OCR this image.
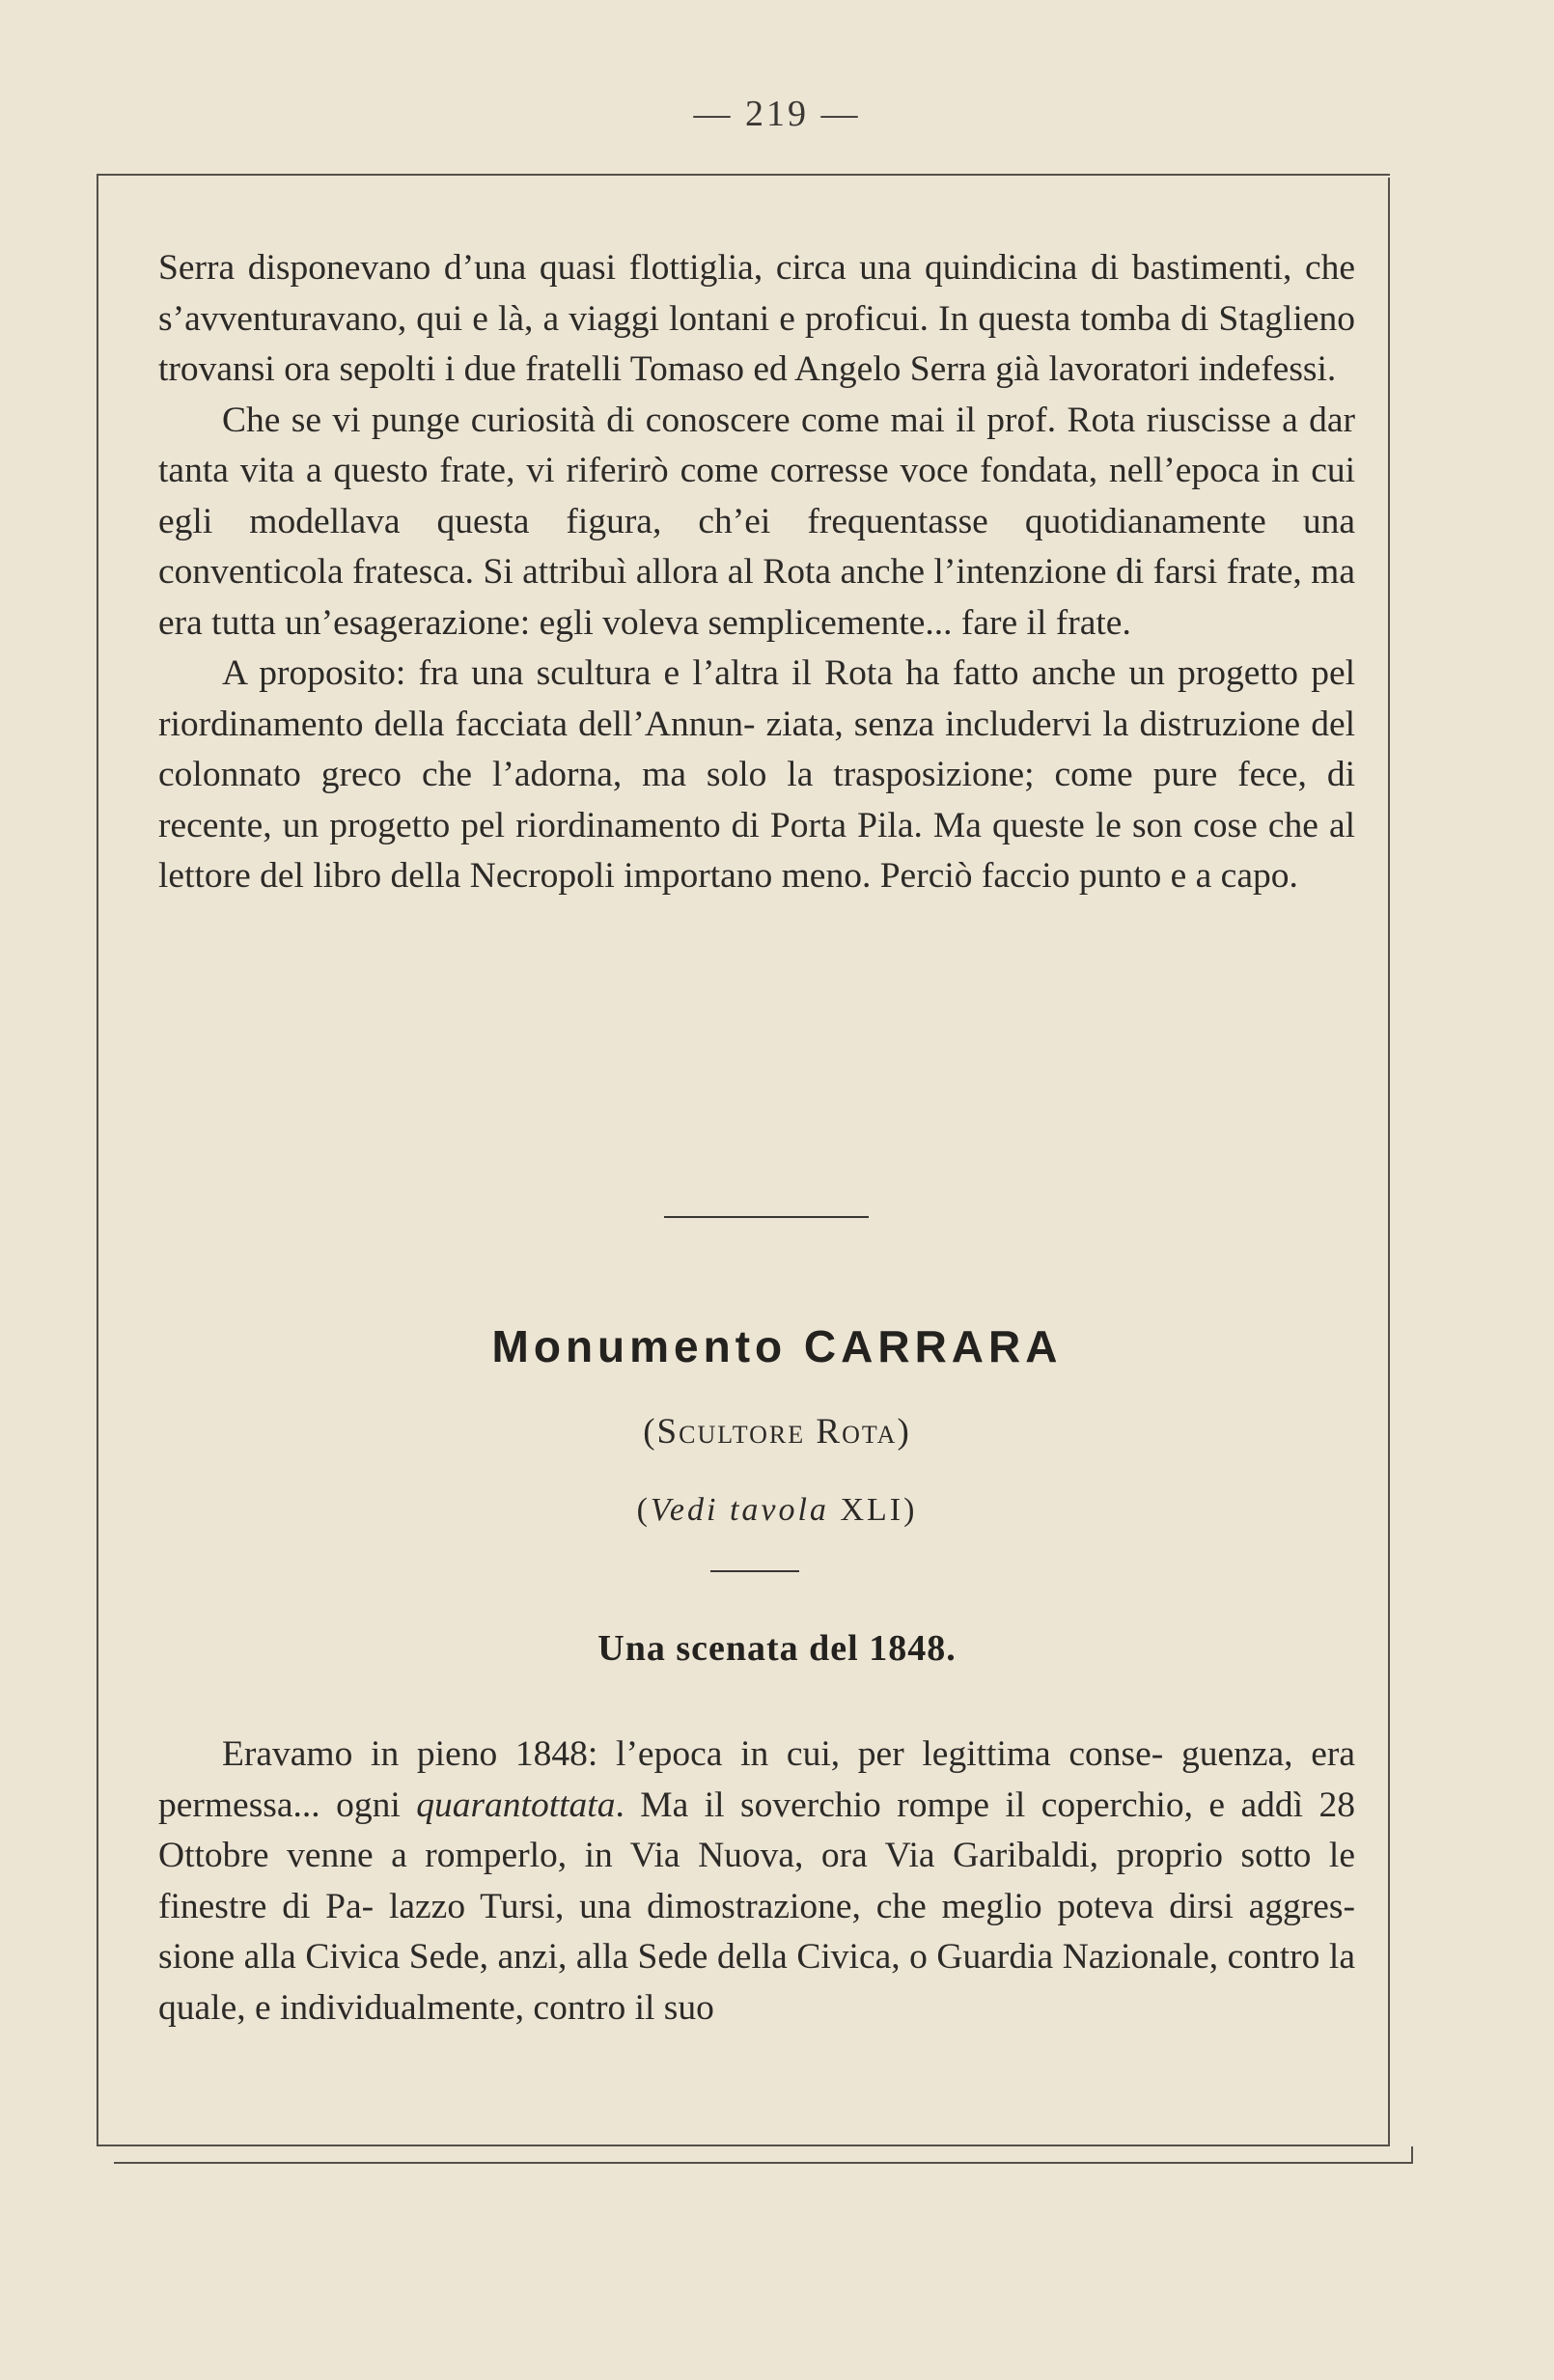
— 219 —

Serra disponevano d’una quasi flottiglia, circa una quindicina di bastimenti, che s’avventuravano, qui e là, a viaggi lontani e proficui. In questa tomba di Staglieno trovansi ora sepolti i due fratelli Tomaso ed Angelo Serra già lavoratori indefessi.

Che se vi punge curiosità di conoscere come mai il prof. Rota riuscisse a dar tanta vita a questo frate, vi riferirò come corresse voce fondata, nell’epoca in cui egli modellava questa figura, ch’ei frequentasse quotidianamente una conventicola fratesca. Si attribuì allora al Rota anche l’intenzione di farsi frate, ma era tutta un’esagerazione: egli voleva semplicemente... fare il frate.

A proposito: fra una scultura e l’altra il Rota ha fatto anche un progetto pel riordinamento della facciata dell’Annun- ziata, senza includervi la distruzione del colonnato greco che l’adorna, ma solo la trasposizione; come pure fece, di recente, un progetto pel riordinamento di Porta Pila. Ma queste le son cose che al lettore del libro della Necropoli importano meno. Perciò faccio punto e a capo.

Monumento CARRARA
(Scultore Rota)
(Vedi tavola XLI)
Una scenata del 1848.

Eravamo in pieno 1848: l’epoca in cui, per legittima conse- guenza, era permessa... ogni quarantottata. Ma il soverchio rompe il coperchio, e addì 28 Ottobre venne a romperlo, in Via Nuova, ora Via Garibaldi, proprio sotto le finestre di Pa- lazzo Tursi, una dimostrazione, che meglio poteva dirsi aggres- sione alla Civica Sede, anzi, alla Sede della Civica, o Guardia Nazionale, contro la quale, e individualmente, contro il suo
